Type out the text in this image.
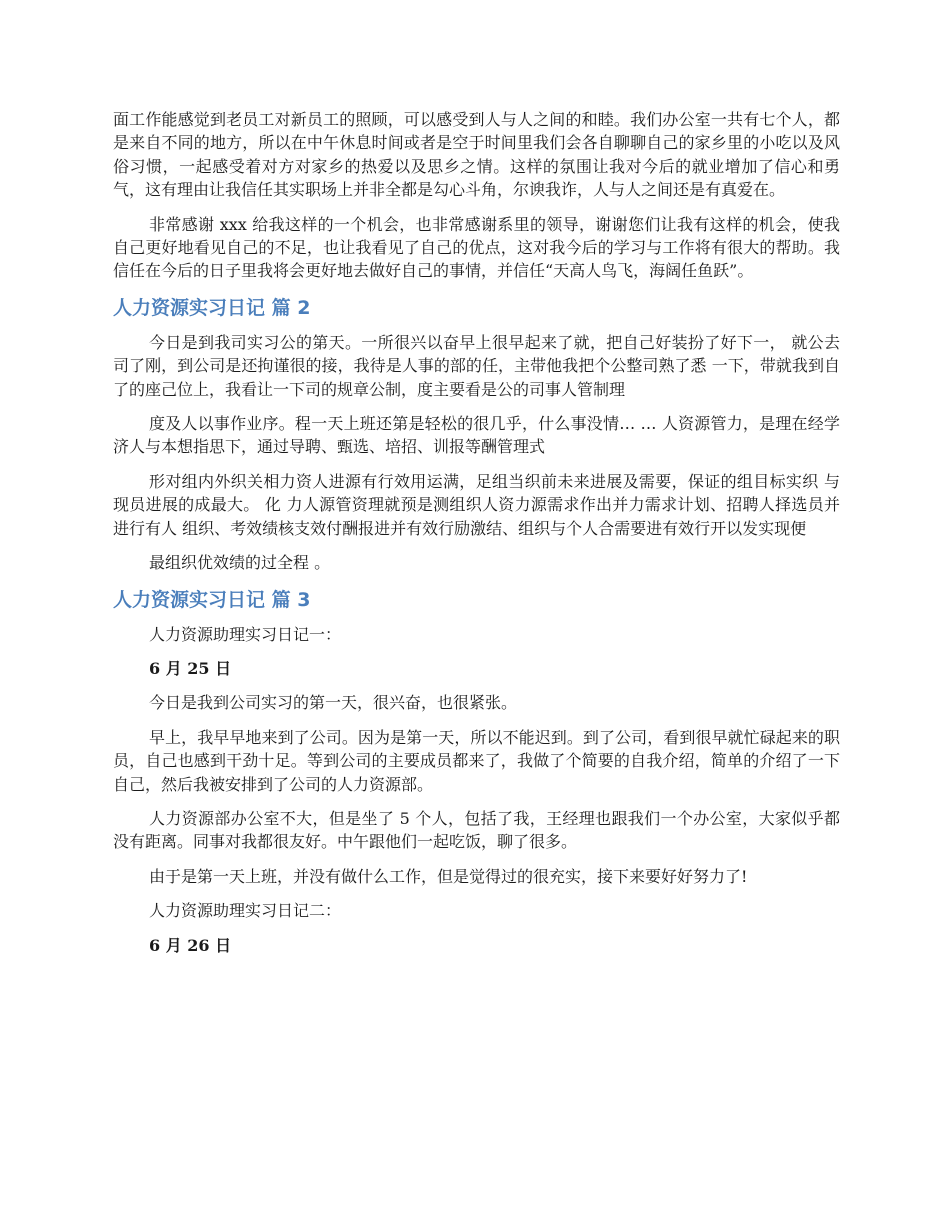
面工作能感觉到老员工对新员工的照顾，可以感受到人与人之间的和睦。我们办公室一共有七个人，都是来自不同的地方，所以在中午休息时间或者是空于时间里我们会各自聊聊自己的家乡里的小吃以及风俗习惯，一起感受着对方对家乡的热爱以及思乡之情。这样的氛围让我对今后的就业增加了信心和勇气，这有理由让我信任其实职场上并非全都是勾心斗角，尔谀我诈，人与人之间还是有真爱在。

非常感谢 xxx 给我这样的一个机会，也非常感谢系里的领导，谢谢您们让我有这样的机会，使我自己更好地看见自己的不足，也让我看见了自己的优点，这对我今后的学习与工作将有很大的帮助。我信任在今后的日子里我将会更好地去做好自己的事情，并信任“天高人鸟飞，海阔任鱼跃”。

人力资源实习日记 篇 2

今日是到我司实习公的第天。一所很兴以奋早上很早起来了就，把自己好装扮了好下一， 就公去司了刚，到公司是还拘谨很的接，我待是人事的部的任，主带他我把个公整司熟了悉 一下，带就我到自了的座己位上，我看让一下司的规章公制，度主要看是公的司事人管制理

度及人以事作业序。程一天上班还第是轻松的很几乎，什么事没情… … 人资源管力，是理在经学济人与本想指思下，通过导聘、甄选、培招、训报等酬管理式

形对组内外织关相力资人进源有行效用运满，足组当织前未来进展及需要，保证的组目标实织 与现员进展的成最大。 化 力人源管资理就预是测组织人资力源需求作出并力需求计划、招聘人择选员并进行有人 组织、考效绩核支效付酬报进并有效行励激结、组织与个人合需要进有效行开以发实现便

最组织优效绩的过全程 。

人力资源实习日记 篇 3

人力资源助理实习日记一：

6 月 25 日

今日是我到公司实习的第一天，很兴奋，也很紧张。

早上，我早早地来到了公司。因为是第一天，所以不能迟到。到了公司，看到很早就忙碌起来的职员，自己也感到干劲十足。等到公司的主要成员都来了，我做了个简要的自我介绍，简单的介绍了一下自己，然后我被安排到了公司的人力资源部。

人力资源部办公室不大，但是坐了 5 个人，包括了我，王经理也跟我们一个办公室，大家似乎都没有距离。同事对我都很友好。中午跟他们一起吃饭，聊了很多。

由于是第一天上班，并没有做什么工作，但是觉得过的很充实，接下来要好好努力了!

人力资源助理实习日记二：

6 月 26 日
